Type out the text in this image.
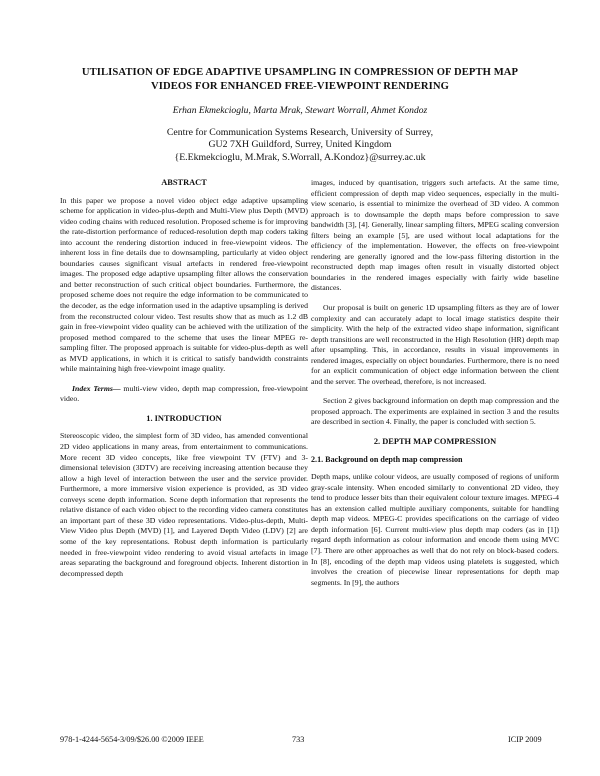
UTILISATION OF EDGE ADAPTIVE UPSAMPLING IN COMPRESSION OF DEPTH MAP
VIDEOS FOR ENHANCED FREE-VIEWPOINT RENDERING
Erhan Ekmekcioglu, Marta Mrak, Stewart Worrall, Ahmet Kondoz
Centre for Communication Systems Research, University of Surrey,
GU2 7XH Guildford, Surrey, United Kingdom
{E.Ekmekcioglu, M.Mrak, S.Worrall, A.Kondoz}@surrey.ac.uk
ABSTRACT

In this paper we propose a novel video object edge adaptive upsampling scheme for application in video-plus-depth and Multi-View plus Depth (MVD) video coding chains with reduced resolution. Proposed scheme is for improving the rate-distortion performance of reduced-resolution depth map coders taking into account the rendering distortion induced in free-viewpoint videos. The inherent loss in fine details due to downsampling, particularly at video object boundaries causes significant visual artefacts in rendered free-viewpoint images. The proposed edge adaptive upsampling filter allows the conservation and better reconstruction of such critical object boundaries. Furthermore, the proposed scheme does not require the edge information to be communicated to the decoder, as the edge information used in the adaptive upsampling is derived from the reconstructed colour video. Test results show that as much as 1.2 dB gain in free-viewpoint video quality can be achieved with the utilization of the proposed method compared to the scheme that uses the linear MPEG re-sampling filter. The proposed approach is suitable for video-plus-depth as well as MVD applications, in which it is critical to satisfy bandwidth constraints while maintaining high free-viewpoint image quality.

Index Terms— multi-view video, depth map compression, free-viewpoint video.

1. INTRODUCTION

Stereoscopic video, the simplest form of 3D video, has amended conventional 2D video applications in many areas, from entertainment to communications. More recent 3D video concepts, like free viewpoint TV (FTV) and 3-dimensional television (3DTV) are receiving increasing attention because they allow a high level of interaction between the user and the service provider. Furthermore, a more immersive vision experience is provided, as 3D video conveys scene depth information. Scene depth information that represents the relative distance of each video object to the recording video camera constitutes an important part of these 3D video representations. Video-plus-depth, Multi-View Video plus Depth (MVD) [1], and Layered Depth Video (LDV) [2] are some of the key representations. Robust depth information is particularly needed in free-viewpoint video rendering to avoid visual artefacts in image areas separating the background and foreground objects. Inherent distortion in decompressed depth

images, induced by quantisation, triggers such artefacts. At the same time, efficient compression of depth map video sequences, especially in the multi-view scenario, is essential to minimize the overhead of 3D video. A common approach is to downsample the depth maps before compression to save bandwidth [3], [4]. Generally, linear sampling filters, MPEG scaling conversion filters being an example [5], are used without local adaptations for the efficiency of the implementation. However, the effects on free-viewpoint rendering are generally ignored and the low-pass filtering distortion in the reconstructed depth map images often result in visually distorted object boundaries in the rendered images especially with fairly wide baseline distances.

Our proposal is built on generic 1D upsampling filters as they are of lower complexity and can accurately adapt to local image statistics despite their simplicity. With the help of the extracted video shape information, significant depth transitions are well reconstructed in the High Resolution (HR) depth map after upsampling. This, in accordance, results in visual improvements in rendered images, especially on object boundaries. Furthermore, there is no need for an explicit communication of object edge information between the client and the server. The overhead, therefore, is not increased.

Section 2 gives background information on depth map compression and the proposed approach. The experiments are explained in section 3 and the results are described in section 4. Finally, the paper is concluded with section 5.

2. DEPTH MAP COMPRESSION
2.1. Background on depth map compression

Depth maps, unlike colour videos, are usually composed of regions of uniform gray-scale intensity. When encoded similarly to conventional 2D video, they tend to produce lesser bits than their equivalent colour texture images. MPEG-4 has an extension called multiple auxiliary components, suitable for handling depth map videos. MPEG-C provides specifications on the carriage of video depth information [6]. Current multi-view plus depth map coders (as in [1]) regard depth information as colour information and encode them using MVC [7]. There are other approaches as well that do not rely on block-based coders. In [8], encoding of the depth map videos using platelets is suggested, which involves the creation of piecewise linear representations for depth map segments. In [9], the authors

978-1-4244-5654-3/09/$26.00 ©2009 IEEE	733	ICIP 2009
